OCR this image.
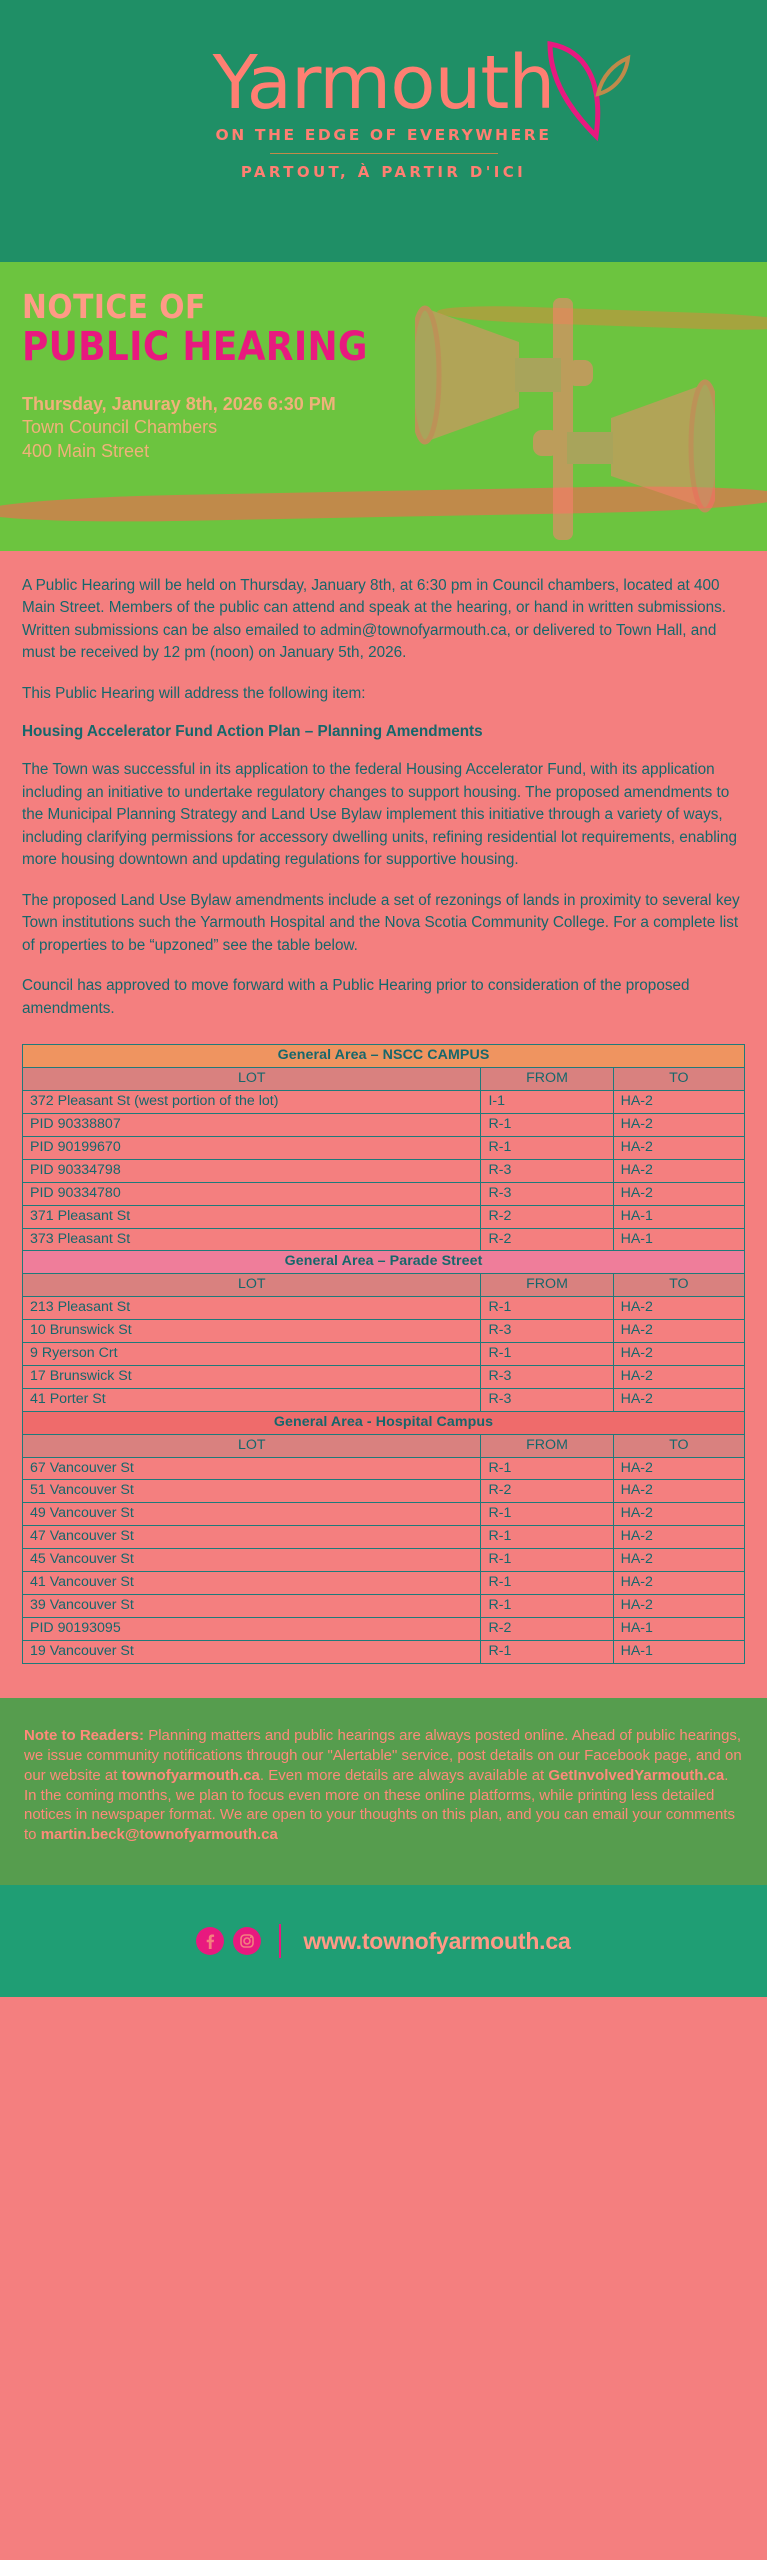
Yarmouth
ON THE EDGE OF EVERYWHERE
PARTOUT, À PARTIR D'ICI
NOTICE OF
PUBLIC HEARING
Thursday, Januray 8th, 2026 6:30 PM
Town Council Chambers
400 Main Street

A Public Hearing will be held on Thursday, January 8th, at 6:30 pm in Council chambers, located at 400 Main Street. Members of the public can attend and speak at the hearing, or hand in written submissions. Written submissions can be also emailed to admin@townofyarmouth.ca, or delivered to Town Hall, and must be received by 12 pm (noon) on January 5th, 2026.

This Public Hearing will address the following item:

Housing Accelerator Fund Action Plan – Planning Amendments

The Town was successful in its application to the federal Housing Accelerator Fund, with its application including an initiative to undertake regulatory changes to support housing. The proposed amendments to the Municipal Planning Strategy and Land Use Bylaw implement this initiative through a variety of ways, including clarifying permissions for accessory dwelling units, refining residential lot requirements, enabling more housing downtown and updating regulations for supportive housing.

The proposed Land Use Bylaw amendments include a set of rezonings of lands in proximity to several key Town institutions such the Yarmouth Hospital and the Nova Scotia Community College. For a complete list of properties to be “upzoned” see the table below.

Council has approved to move forward with a Public Hearing prior to consideration of the proposed amendments.

General Area – NSCC CAMPUS		
LOT	FROM	TO
372 Pleasant St (west portion of the lot)	I-1	HA-2
PID 90338807	R-1	HA-2
PID 90199670	R-1	HA-2
PID 90334798	R-3	HA-2
PID 90334780	R-3	HA-2
371 Pleasant St	R-2	HA-1
373 Pleasant St	R-2	HA-1
General Area – Parade Street		
LOT	FROM	TO
213 Pleasant St	R-1	HA-2
10 Brunswick St	R-3	HA-2
9 Ryerson Crt	R-1	HA-2
17 Brunswick St	R-3	HA-2
41 Porter St	R-3	HA-2
General Area - Hospital Campus		
LOT	FROM	TO
67 Vancouver St	R-1	HA-2
51 Vancouver St	R-2	HA-2
49 Vancouver St	R-1	HA-2
47 Vancouver St	R-1	HA-2
45 Vancouver St	R-1	HA-2
41 Vancouver St	R-1	HA-2
39 Vancouver St	R-1	HA-2
PID 90193095	R-2	HA-1
19 Vancouver St	R-1	HA-1

Note to Readers: Planning matters and public hearings are always posted online. Ahead of public hearings, we issue community notifications through our "Alertable" service, post details on our Facebook page, and on our website at townofyarmouth.ca. Even more details are always available at GetInvolvedYarmouth.ca. In the coming months, we plan to focus even more on these online platforms, while printing less detailed notices in newspaper format. We are open to your thoughts on this plan, and you can email your comments to martin.beck@townofyarmouth.ca

www.townofyarmouth.ca
